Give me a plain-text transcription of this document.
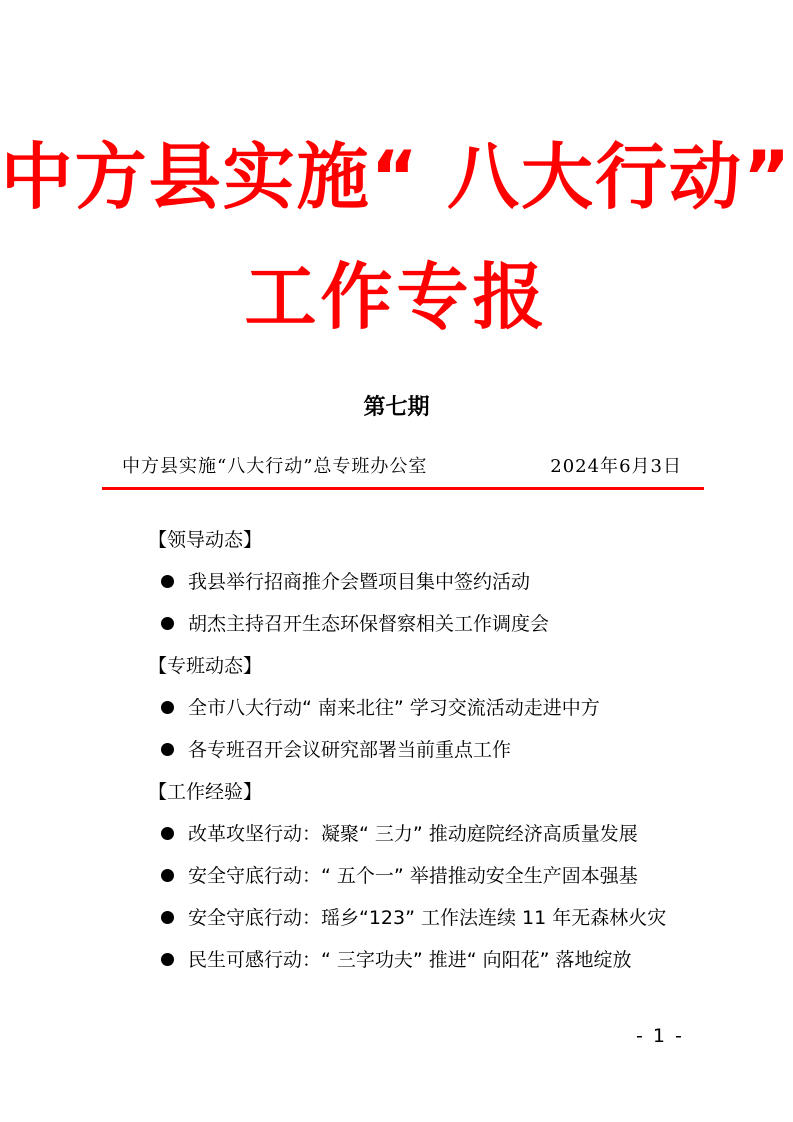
中方县实施“ 八大行动”
工作专报
第七期
中方县实施“八大行动”总专班办公室	2024年6月3日
【领导动态】
我县举行招商推介会暨项目集中签约活动
胡杰主持召开生态环保督察相关工作调度会
【专班动态】
全市八大行动“ 南来北往” 学习交流活动走进中方
各专班召开会议研究部署当前重点工作
【工作经验】
改革攻坚行动：凝聚“ 三力” 推动庭院经济高质量发展
安全守底行动：“ 五个一” 举措推动安全生产固本强基
安全守底行动：瑶乡“123” 工作法连续 11 年无森林火灾
民生可感行动：“ 三字功夫” 推进“ 向阳花” 落地绽放
- 1 -
